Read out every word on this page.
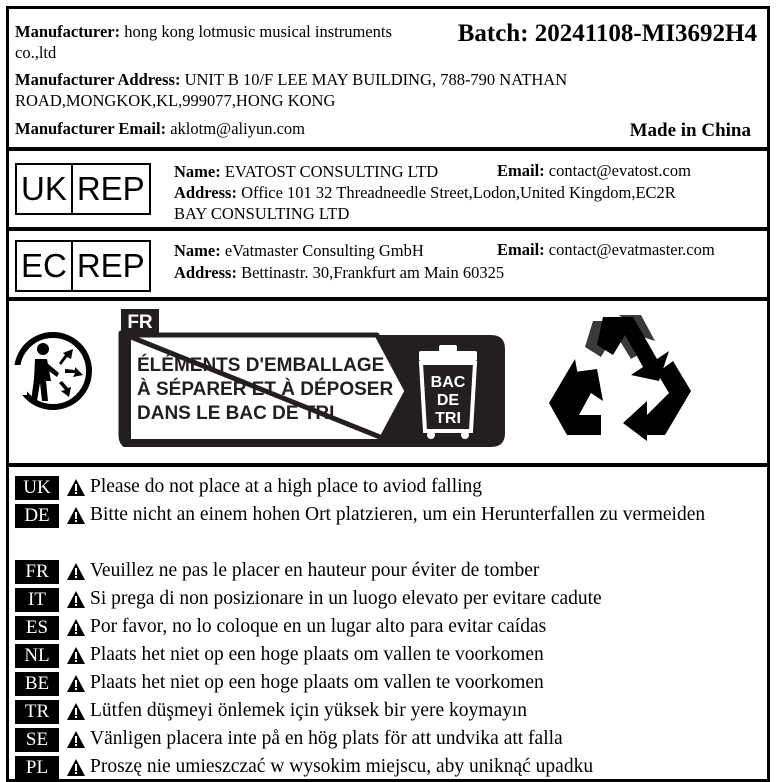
Manufacturer: hong kong lotmusic musical instruments co.,ltd
Batch: 20241108-MI3692H4
Manufacturer Address: UNIT B 10/F LEE MAY BUILDING, 788-790 NATHAN ROAD,MONGKOK,KL,999077,HONG KONG
Manufacturer Email: aklotm@aliyun.com	Made in China
UK REP Name: EVATOST CONSULTING LTD	Email: contact@evatost.com
Address: Office 101 32 Threadneedle Street,Lodon,United Kingdom,EC2R
BAY CONSULTING LTD
EC REP Name: eVatmaster Consulting GmbH	Email: contact@evatmaster.com
Address: Bettinastr. 30,Frankfurt am Main 60325
FR
ÉLÉMENTS D'EMBALLAGE
À SÉPARER ET À DÉPOSER
DANS LE BAC DE TRI
BAC
DE
TRI
UK	Please do not place at a high place to aviod falling
DE	Bitte nicht an einem hohen Ort platzieren, um ein Herunterfallen zu vermeiden
FR	Veuillez ne pas le placer en hauteur pour éviter de tomber
IT	Si prega di non posizionare in un luogo elevato per evitare cadute
ES	Por favor, no lo coloque en un lugar alto para evitar caídas
NL	Plaats het niet op een hoge plaats om vallen te voorkomen
BE	Plaats het niet op een hoge plaats om vallen te voorkomen
TR	Lütfen düşmeyi önlemek için yüksek bir yere koymayın
SE	Vänligen placera inte på en hög plats för att undvika att falla
PL	Proszę nie umieszczać w wysokim miejscu, aby uniknąć upadku
